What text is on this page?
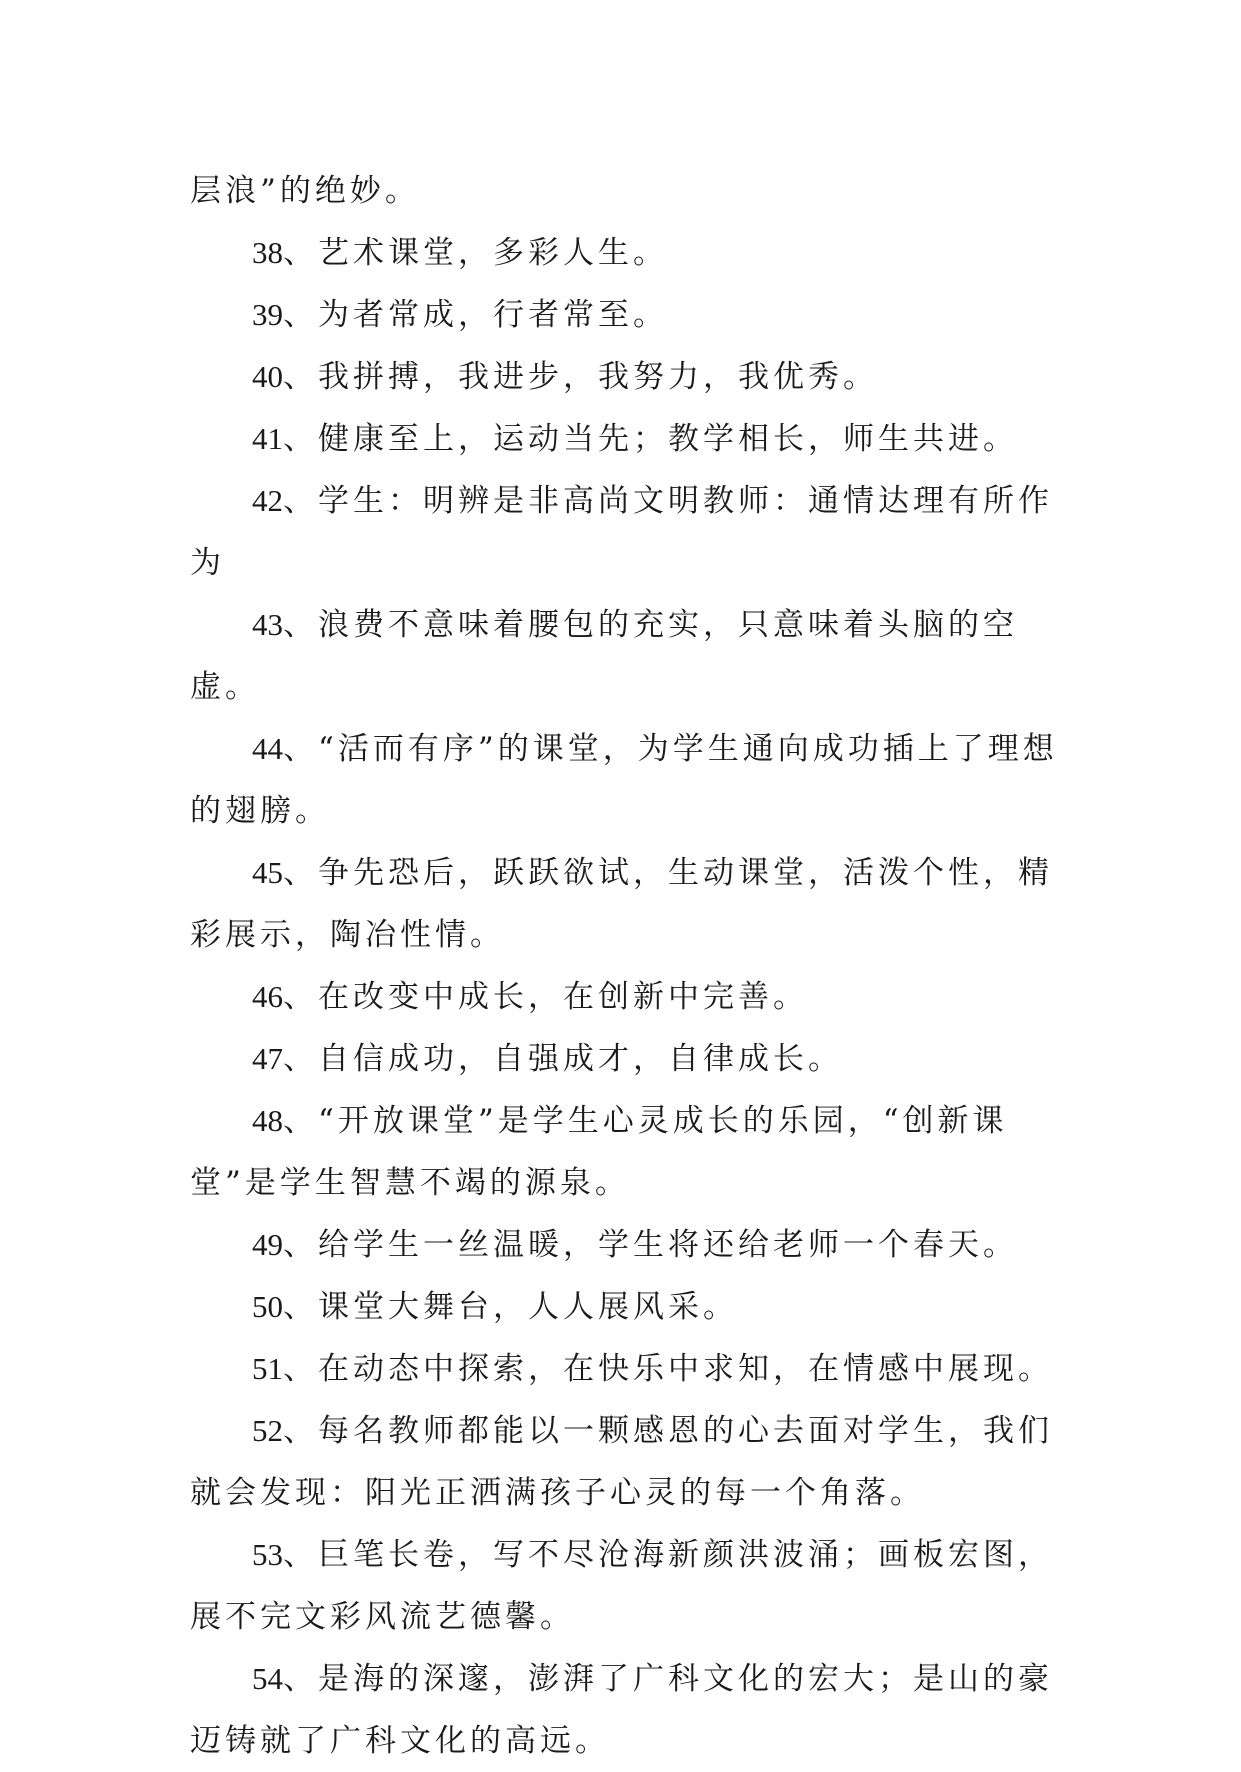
层浪”的绝妙。

38、艺术课堂，多彩人生。

39、为者常成，行者常至。

40、我拼搏，我进步，我努力，我优秀。

41、健康至上，运动当先；教学相长，师生共进。

42、学生：明辨是非高尚文明教师：通情达理有所作为

43、浪费不意味着腰包的充实，只意味着头脑的空虚。

44、“活而有序”的课堂，为学生通向成功插上了理想的翅膀。

45、争先恐后，跃跃欲试，生动课堂，活泼个性，精彩展示，陶冶性情。

46、在改变中成长，在创新中完善。

47、自信成功，自强成才，自律成长。

48、“开放课堂”是学生心灵成长的乐园，“创新课堂”是学生智慧不竭的源泉。

49、给学生一丝温暖，学生将还给老师一个春天。

50、课堂大舞台，人人展风采。

51、在动态中探索，在快乐中求知，在情感中展现。

52、每名教师都能以一颗感恩的心去面对学生，我们就会发现：阳光正洒满孩子心灵的每一个角落。

53、巨笔长卷，写不尽沧海新颜洪波涌；画板宏图，展不完文彩风流艺德馨。

54、是海的深邃，澎湃了广科文化的宏大；是山的豪迈铸就了广科文化的高远。
